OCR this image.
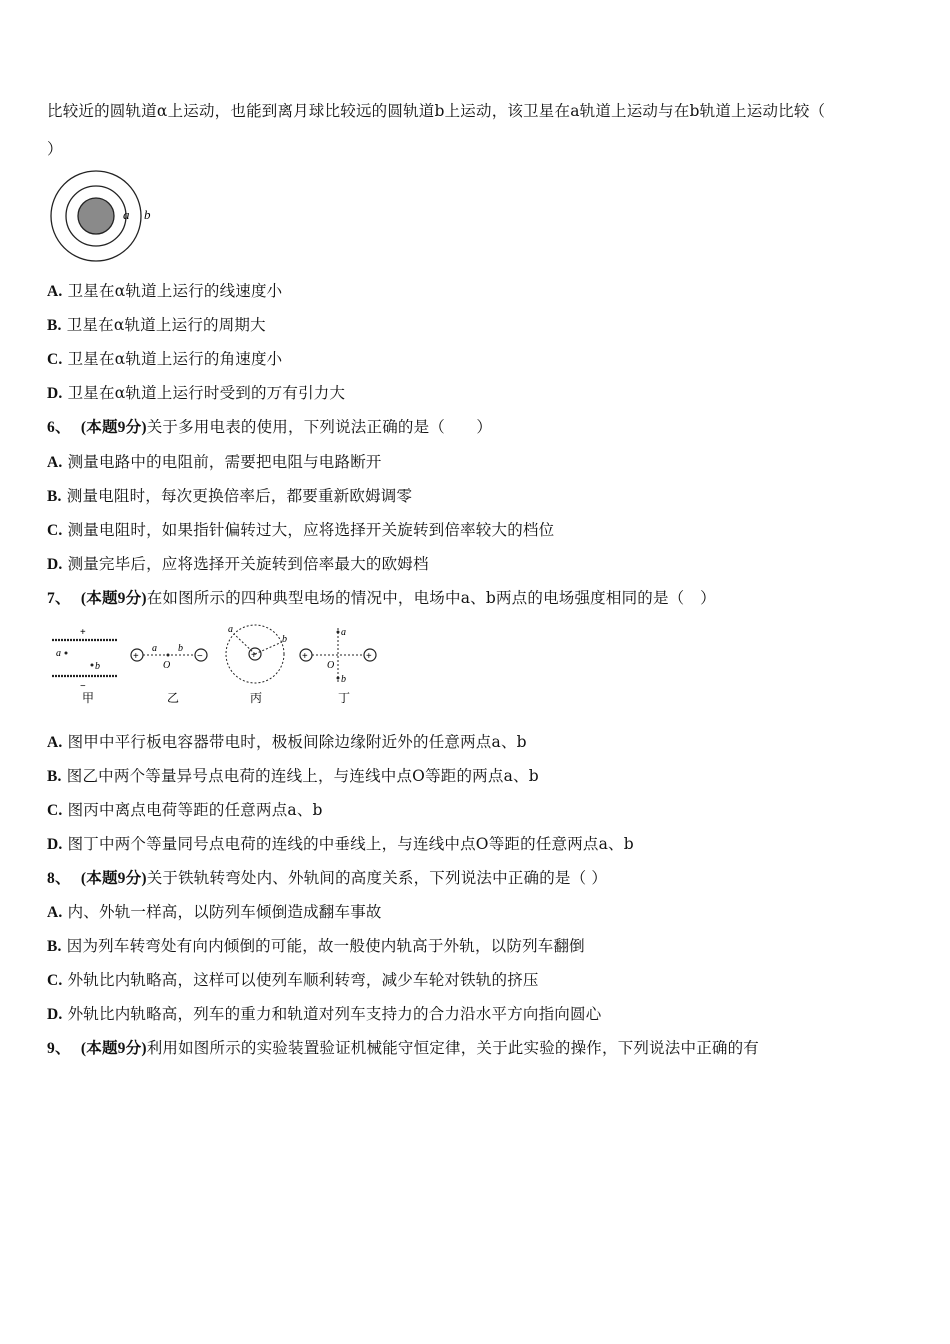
比较近的圆轨道α上运动，也能到离月球比较远的圆轨道b上运动，该卫星在a轨道上运动与在b轨道上运动比较（
）
a b
A. 卫星在α轨道上运行的线速度小
B. 卫星在α轨道上运行的周期大
C. 卫星在α轨道上运行的角速度小
D. 卫星在α轨道上运行时受到的万有引力大
6、 (本题9分)关于多用电表的使用，下列说法正确的是（　　）
A. 测量电路中的电阻前，需要把电阻与电路断开
B. 测量电阻时，每次更换倍率后，都要重新欧姆调零
C. 测量电阻时，如果指针偏转过大，应将选择开关旋转到倍率较大的档位
D. 测量完毕后，应将选择开关旋转到倍率最大的欧姆档
7、 (本题9分)在如图所示的四种典型电场的情况中，电场中a、b两点的电场强度相同的是（　）
+
a
b
−
甲
+	−
a b
O
乙
+
a
b
丙
+	+
a
b
O
丁
A. 图甲中平行板电容器带电时，极板间除边缘附近外的任意两点a、b
B. 图乙中两个等量异号点电荷的连线上，与连线中点O等距的两点a、b
C. 图丙中离点电荷等距的任意两点a、b
D. 图丁中两个等量同号点电荷的连线的中垂线上，与连线中点O等距的任意两点a、b
8、 (本题9分)关于铁轨转弯处内、外轨间的高度关系，下列说法中正确的是（ ）
A. 内、外轨一样高，以防列车倾倒造成翻车事故
B. 因为列车转弯处有向内倾倒的可能，故一般使内轨高于外轨，以防列车翻倒
C. 外轨比内轨略高，这样可以使列车顺利转弯，减少车轮对铁轨的挤压
D. 外轨比内轨略高，列车的重力和轨道对列车支持力的合力沿水平方向指向圆心
9、 (本题9分)利用如图所示的实验装置验证机械能守恒定律，关于此实验的操作，下列说法中正确的有
